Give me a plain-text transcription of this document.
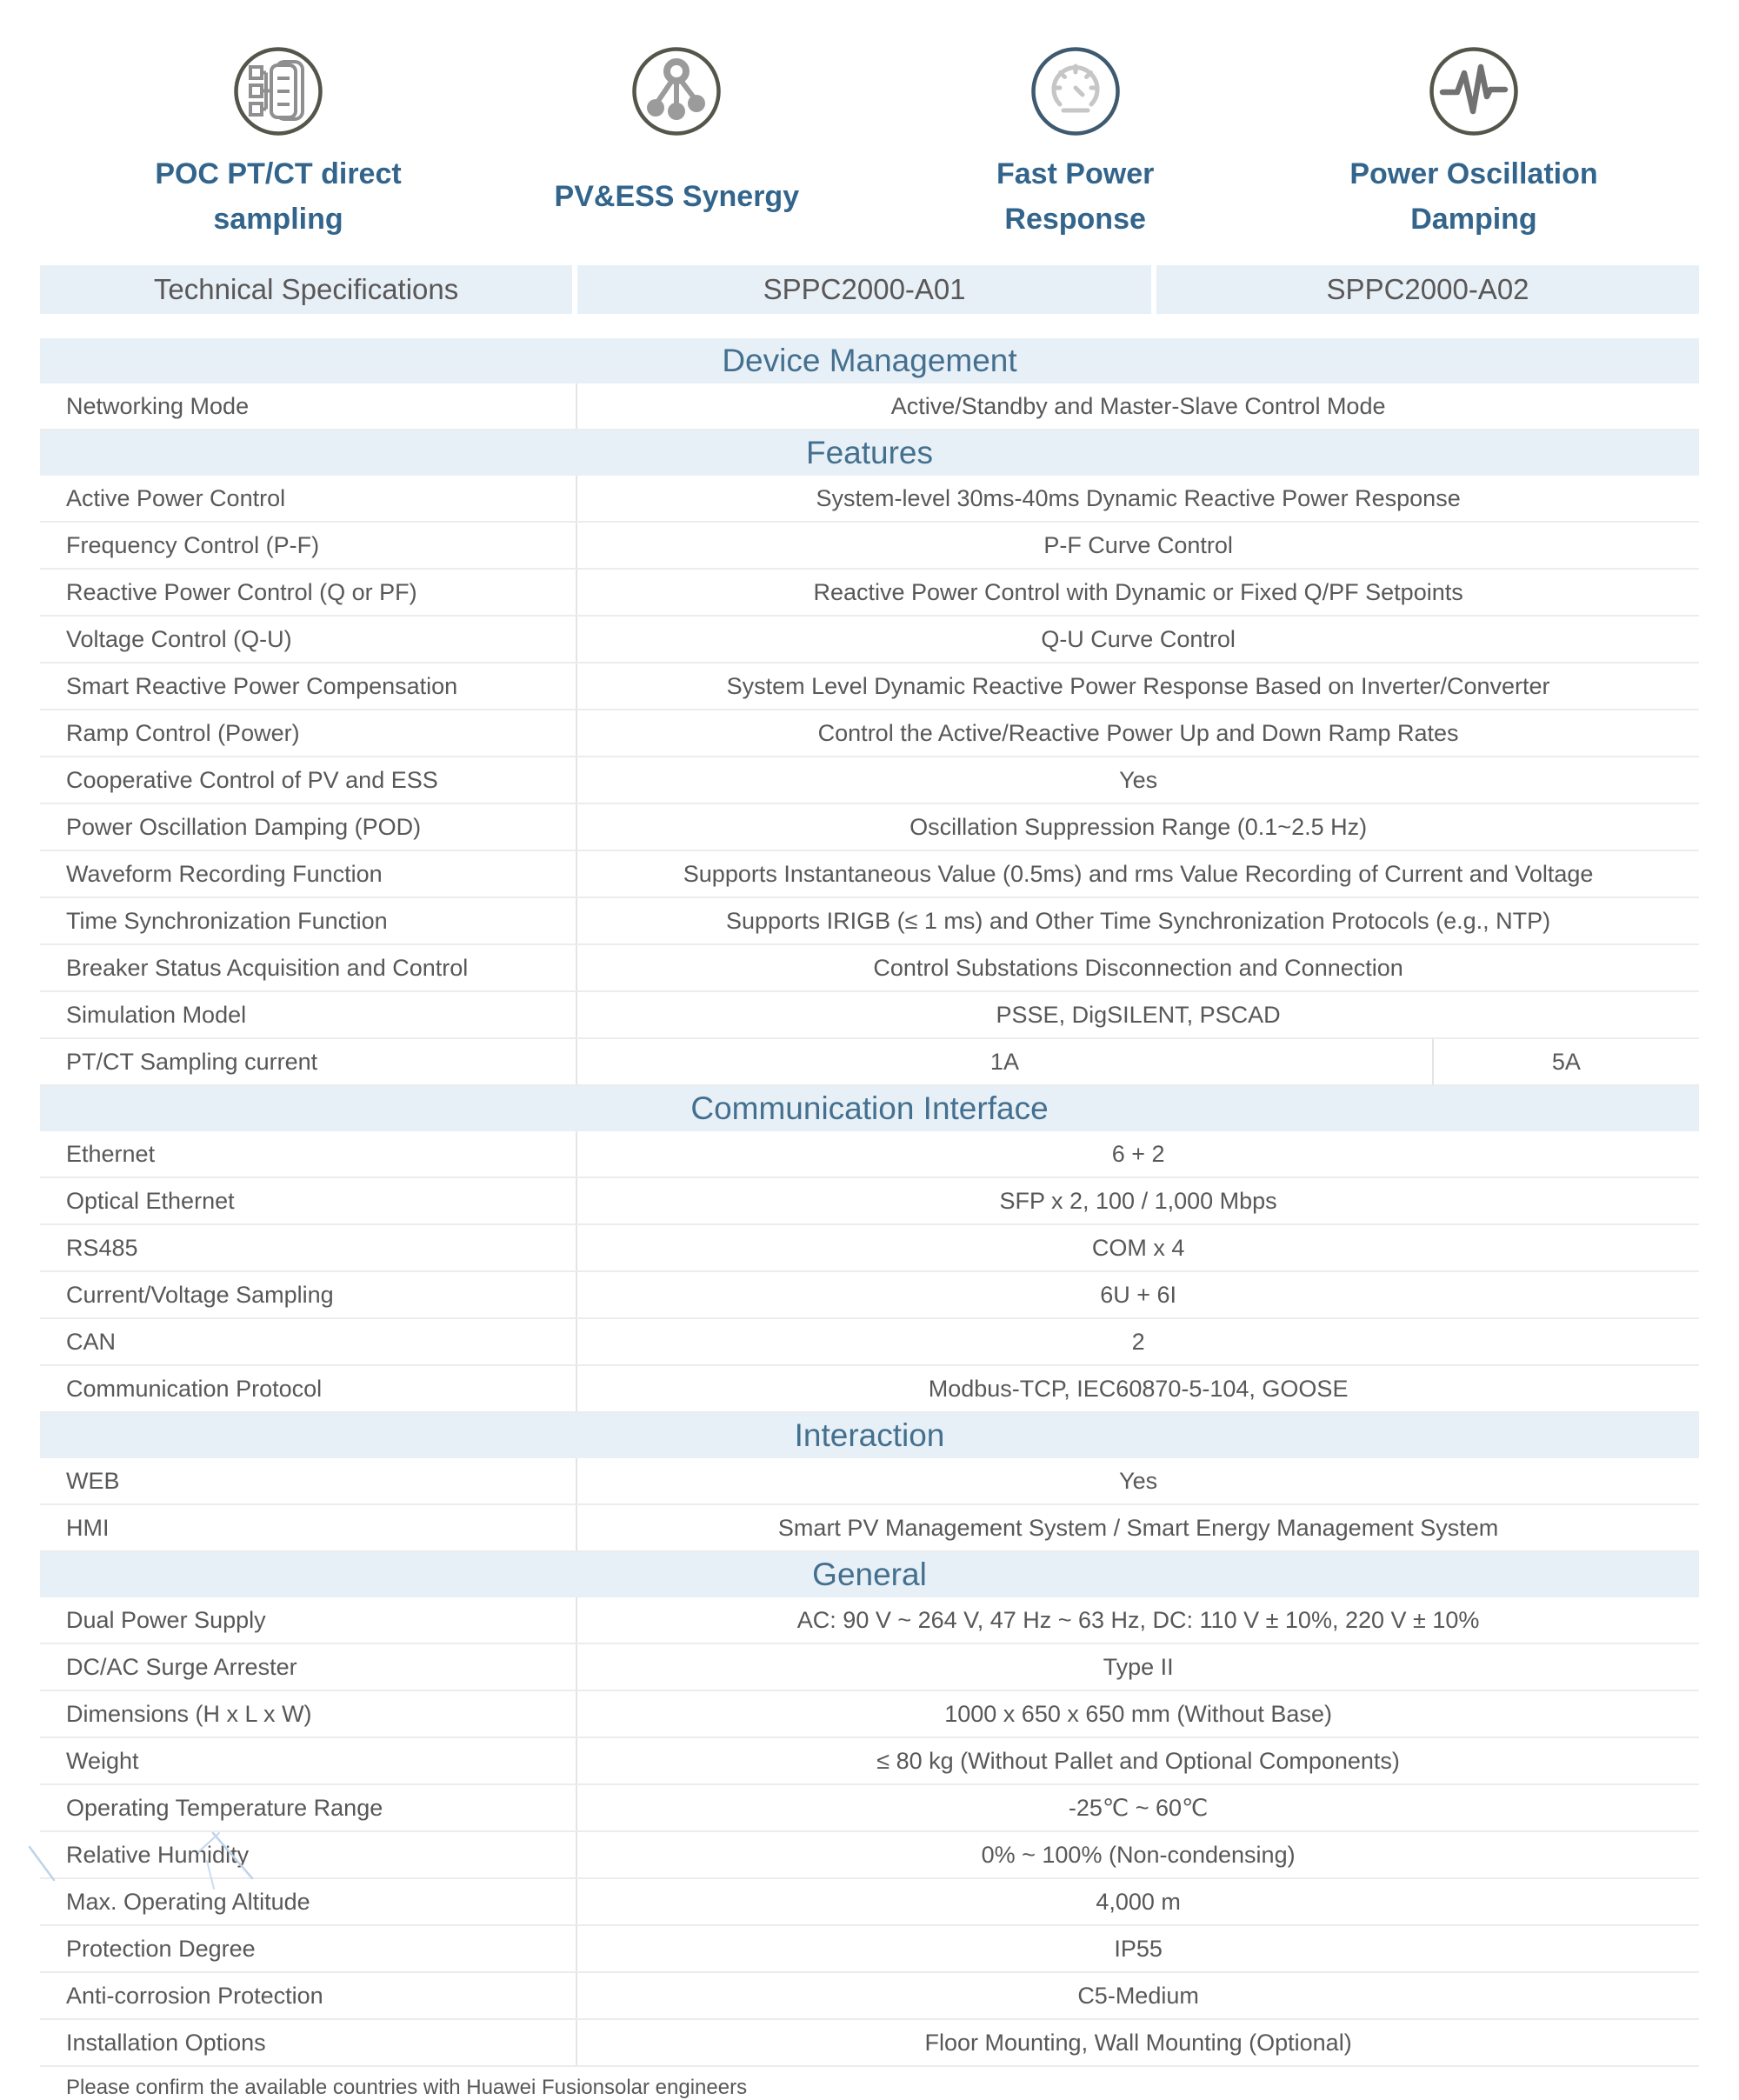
POC PT/CT direct
sampling
PV&ESS Synergy
Fast Power
Response
Power Oscillation
Damping
Technical Specifications	SPPC2000-A01	SPPC2000-A02
Device Management
Networking Mode	Active/Standby and Master-Slave Control Mode
Features
Active Power Control	System-level 30ms-40ms Dynamic Reactive Power Response
Frequency Control (P-F)	P-F Curve Control
Reactive Power Control (Q or PF)	Reactive Power Control with Dynamic or Fixed Q/PF Setpoints
Voltage Control (Q-U)	Q-U Curve Control
Smart Reactive Power Compensation	System Level Dynamic Reactive Power Response Based on Inverter/Converter
Ramp Control (Power)	Control the Active/Reactive Power Up and Down Ramp Rates
Cooperative Control of PV and ESS	Yes
Power Oscillation Damping (POD)	Oscillation Suppression Range (0.1~2.5 Hz)
Waveform Recording Function	Supports Instantaneous Value (0.5ms) and rms Value Recording of Current and Voltage
Time Synchronization Function	Supports IRIGB (≤ 1 ms) and Other Time Synchronization Protocols (e.g., NTP)
Breaker Status Acquisition and Control	Control Substations Disconnection and Connection
Simulation Model	PSSE, DigSILENT, PSCAD
PT/CT Sampling current	1A	5A
Communication Interface
Ethernet	6 + 2
Optical Ethernet	SFP x 2, 100 / 1,000 Mbps
RS485	COM x 4
Current/Voltage Sampling	6U + 6I
CAN	2
Communication Protocol	Modbus-TCP, IEC60870-5-104, GOOSE
Interaction
WEB	Yes
HMI	Smart PV Management System / Smart Energy Management System
General
Dual Power Supply	AC: 90 V ~ 264 V, 47 Hz ~ 63 Hz, DC: 110 V ± 10%, 220 V ± 10%
DC/AC Surge Arrester	Type II
Dimensions (H x L x W)	1000 x 650 x 650 mm (Without Base)
Weight	≤ 80 kg (Without Pallet and Optional Components)
Operating Temperature Range	-25℃ ~ 60℃
Relative Humidity	0% ~ 100% (Non-condensing)
Max. Operating Altitude	4,000 m
Protection Degree	IP55
Anti-corrosion Protection	C5-Medium
Installation Options	Floor Mounting, Wall Mounting (Optional)
Please confirm the available countries with Huawei Fusionsolar engineers
